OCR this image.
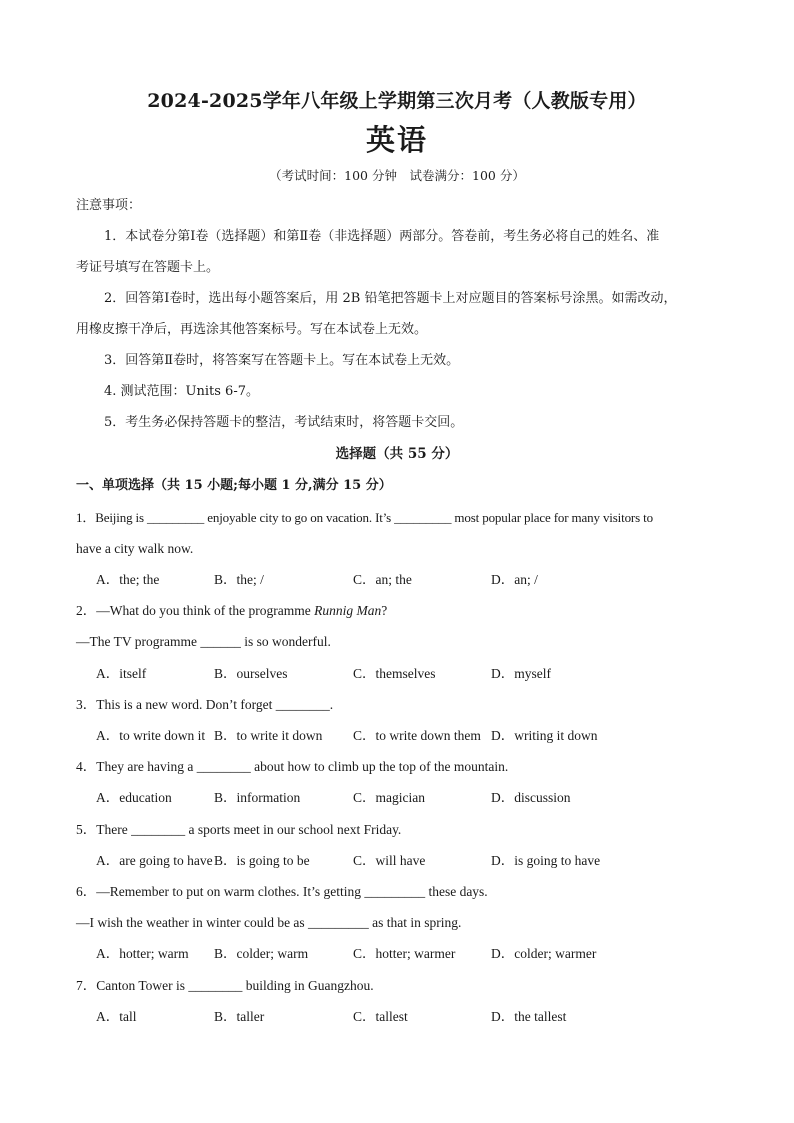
2024-2025学年八年级上学期第三次月考（人教版专用）
英语
（考试时间：100 分钟　试卷满分：100 分）
注意事项：
1．本试卷分第Ⅰ卷（选择题）和第Ⅱ卷（非选择题）两部分。答卷前，考生务必将自己的姓名、准
考证号填写在答题卡上。
2．回答第Ⅰ卷时，选出每小题答案后，用 2B 铅笔把答题卡上对应题目的答案标号涂黑。如需改动，
用橡皮擦干净后，再选涂其他答案标号。写在本试卷上无效。
3．回答第Ⅱ卷时，将答案写在答题卡上。写在本试卷上无效。
4. 测试范围：Units 6-7。
5．考生务必保持答题卡的整洁，考试结束时，将答题卡交回。
选择题（共 55 分）
一、单项选择（共 15 小题;每小题 1 分,满分 15 分）
1．Beijing is _________ enjoyable city to go on vacation. It’s _________ most popular place for many visitors to
have a city walk now.
A．the; the	B．the; /	C．an; the	D．an; /
2．—What do you think of the programme Runnig Man?
—The TV programme ______ is so wonderful.
A．itself	B．ourselves	C．themselves	D．myself
3．This is a new word. Don’t forget ________.
A．to write down it B．to write it down C．to write down them D．writing it down
4．They are having a ________ about how to climb up the top of the mountain.
A．education	B．information	C．magician	D．discussion
5．There ________ a sports meet in our school next Friday.
A．are going to have B．is going to be	C．will have	D．is going to have
6．—Remember to put on warm clothes. It’s getting _________ these days.
—I wish the weather in winter could be as _________ as that in spring.
A．hotter; warm B．colder; warm	C．hotter; warmer	D．colder; warmer
7．Canton Tower is ________ building in Guangzhou.
A．tall	B．taller	C．tallest	D．the tallest
